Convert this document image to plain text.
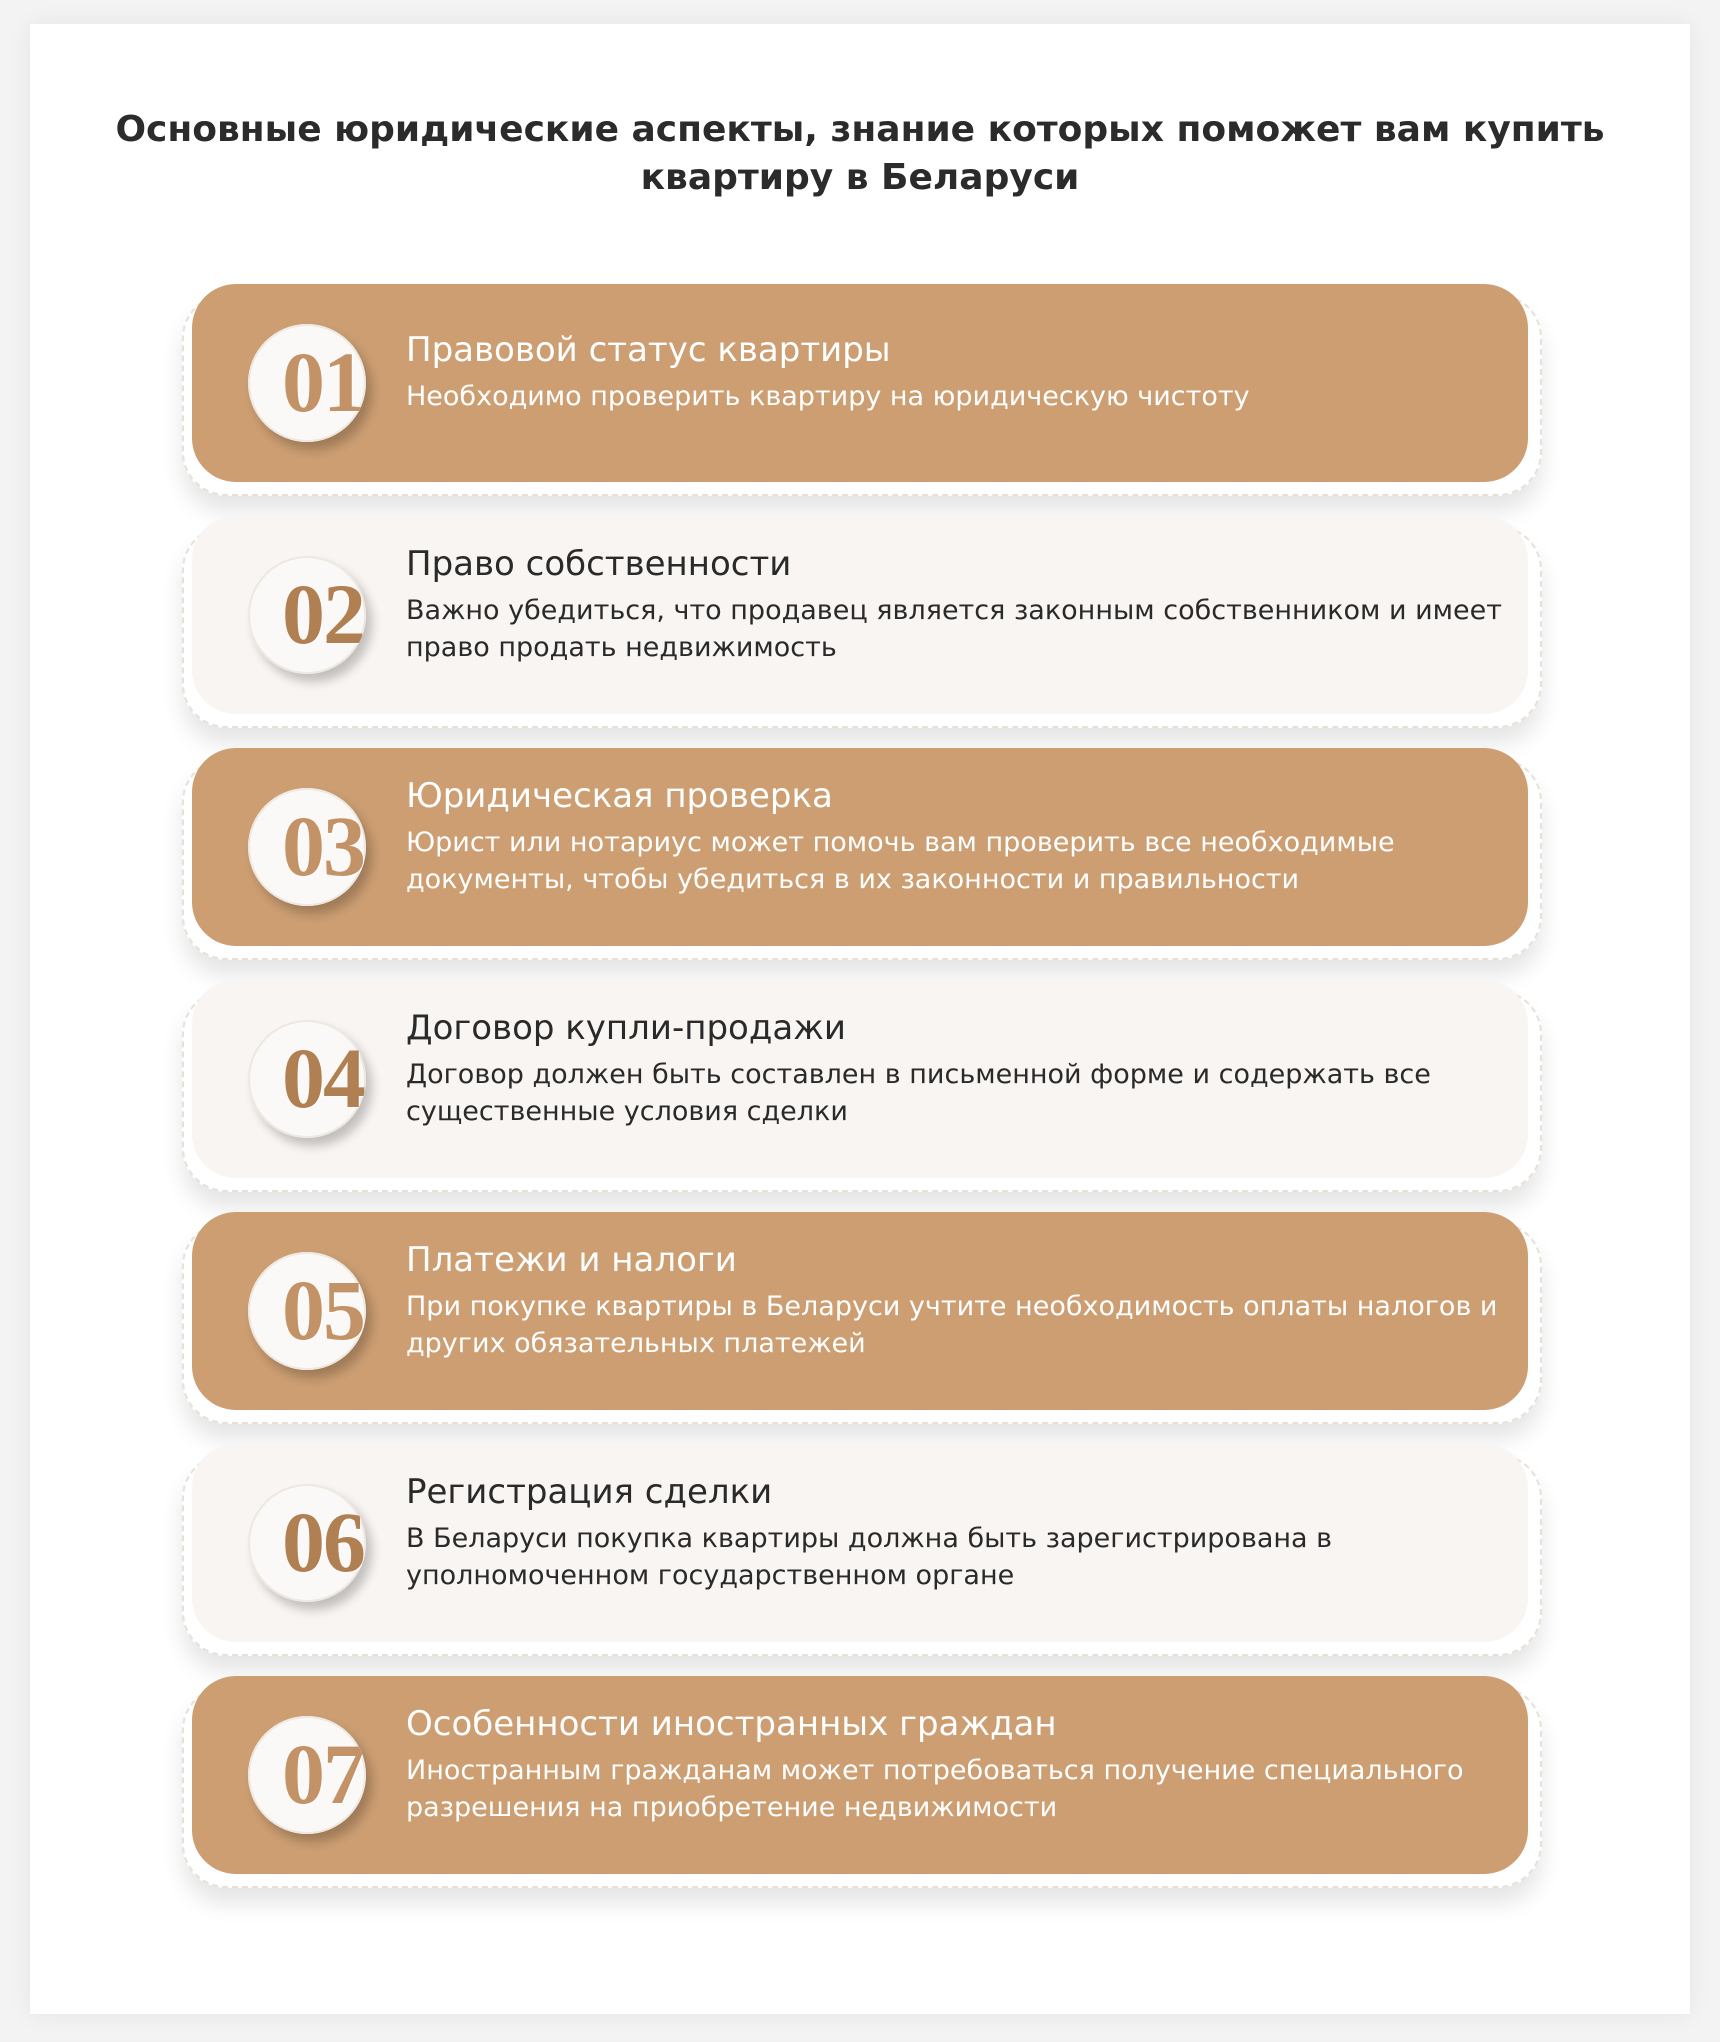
Основные юридические аспекты, знание которых поможет вам купить
квартиру в Беларуси
01 Правовой статус квартиры
Необходимо проверить квартиру на юридическую чистоту
02
Право собственности
Важно убедиться, что продавец является законным собственником и имеет право продать недвижимость
03
Юридическая проверка
Юрист или нотариус может помочь вам проверить все необходимые документы, чтобы убедиться в их законности и правильности
04
Договор купли-продажи
Договор должен быть составлен в письменной форме и содержать все существенные условия сделки
05
Платежи и налоги
При покупке квартиры в Беларуси учтите необходимость оплаты налогов и других обязательных платежей
06
Регистрация сделки
В Беларуси покупка квартиры должна быть зарегистрирована в уполномоченном государственном органе
07
Особенности иностранных граждан
Иностранным гражданам может потребоваться получение специального разрешения на приобретение недвижимости
